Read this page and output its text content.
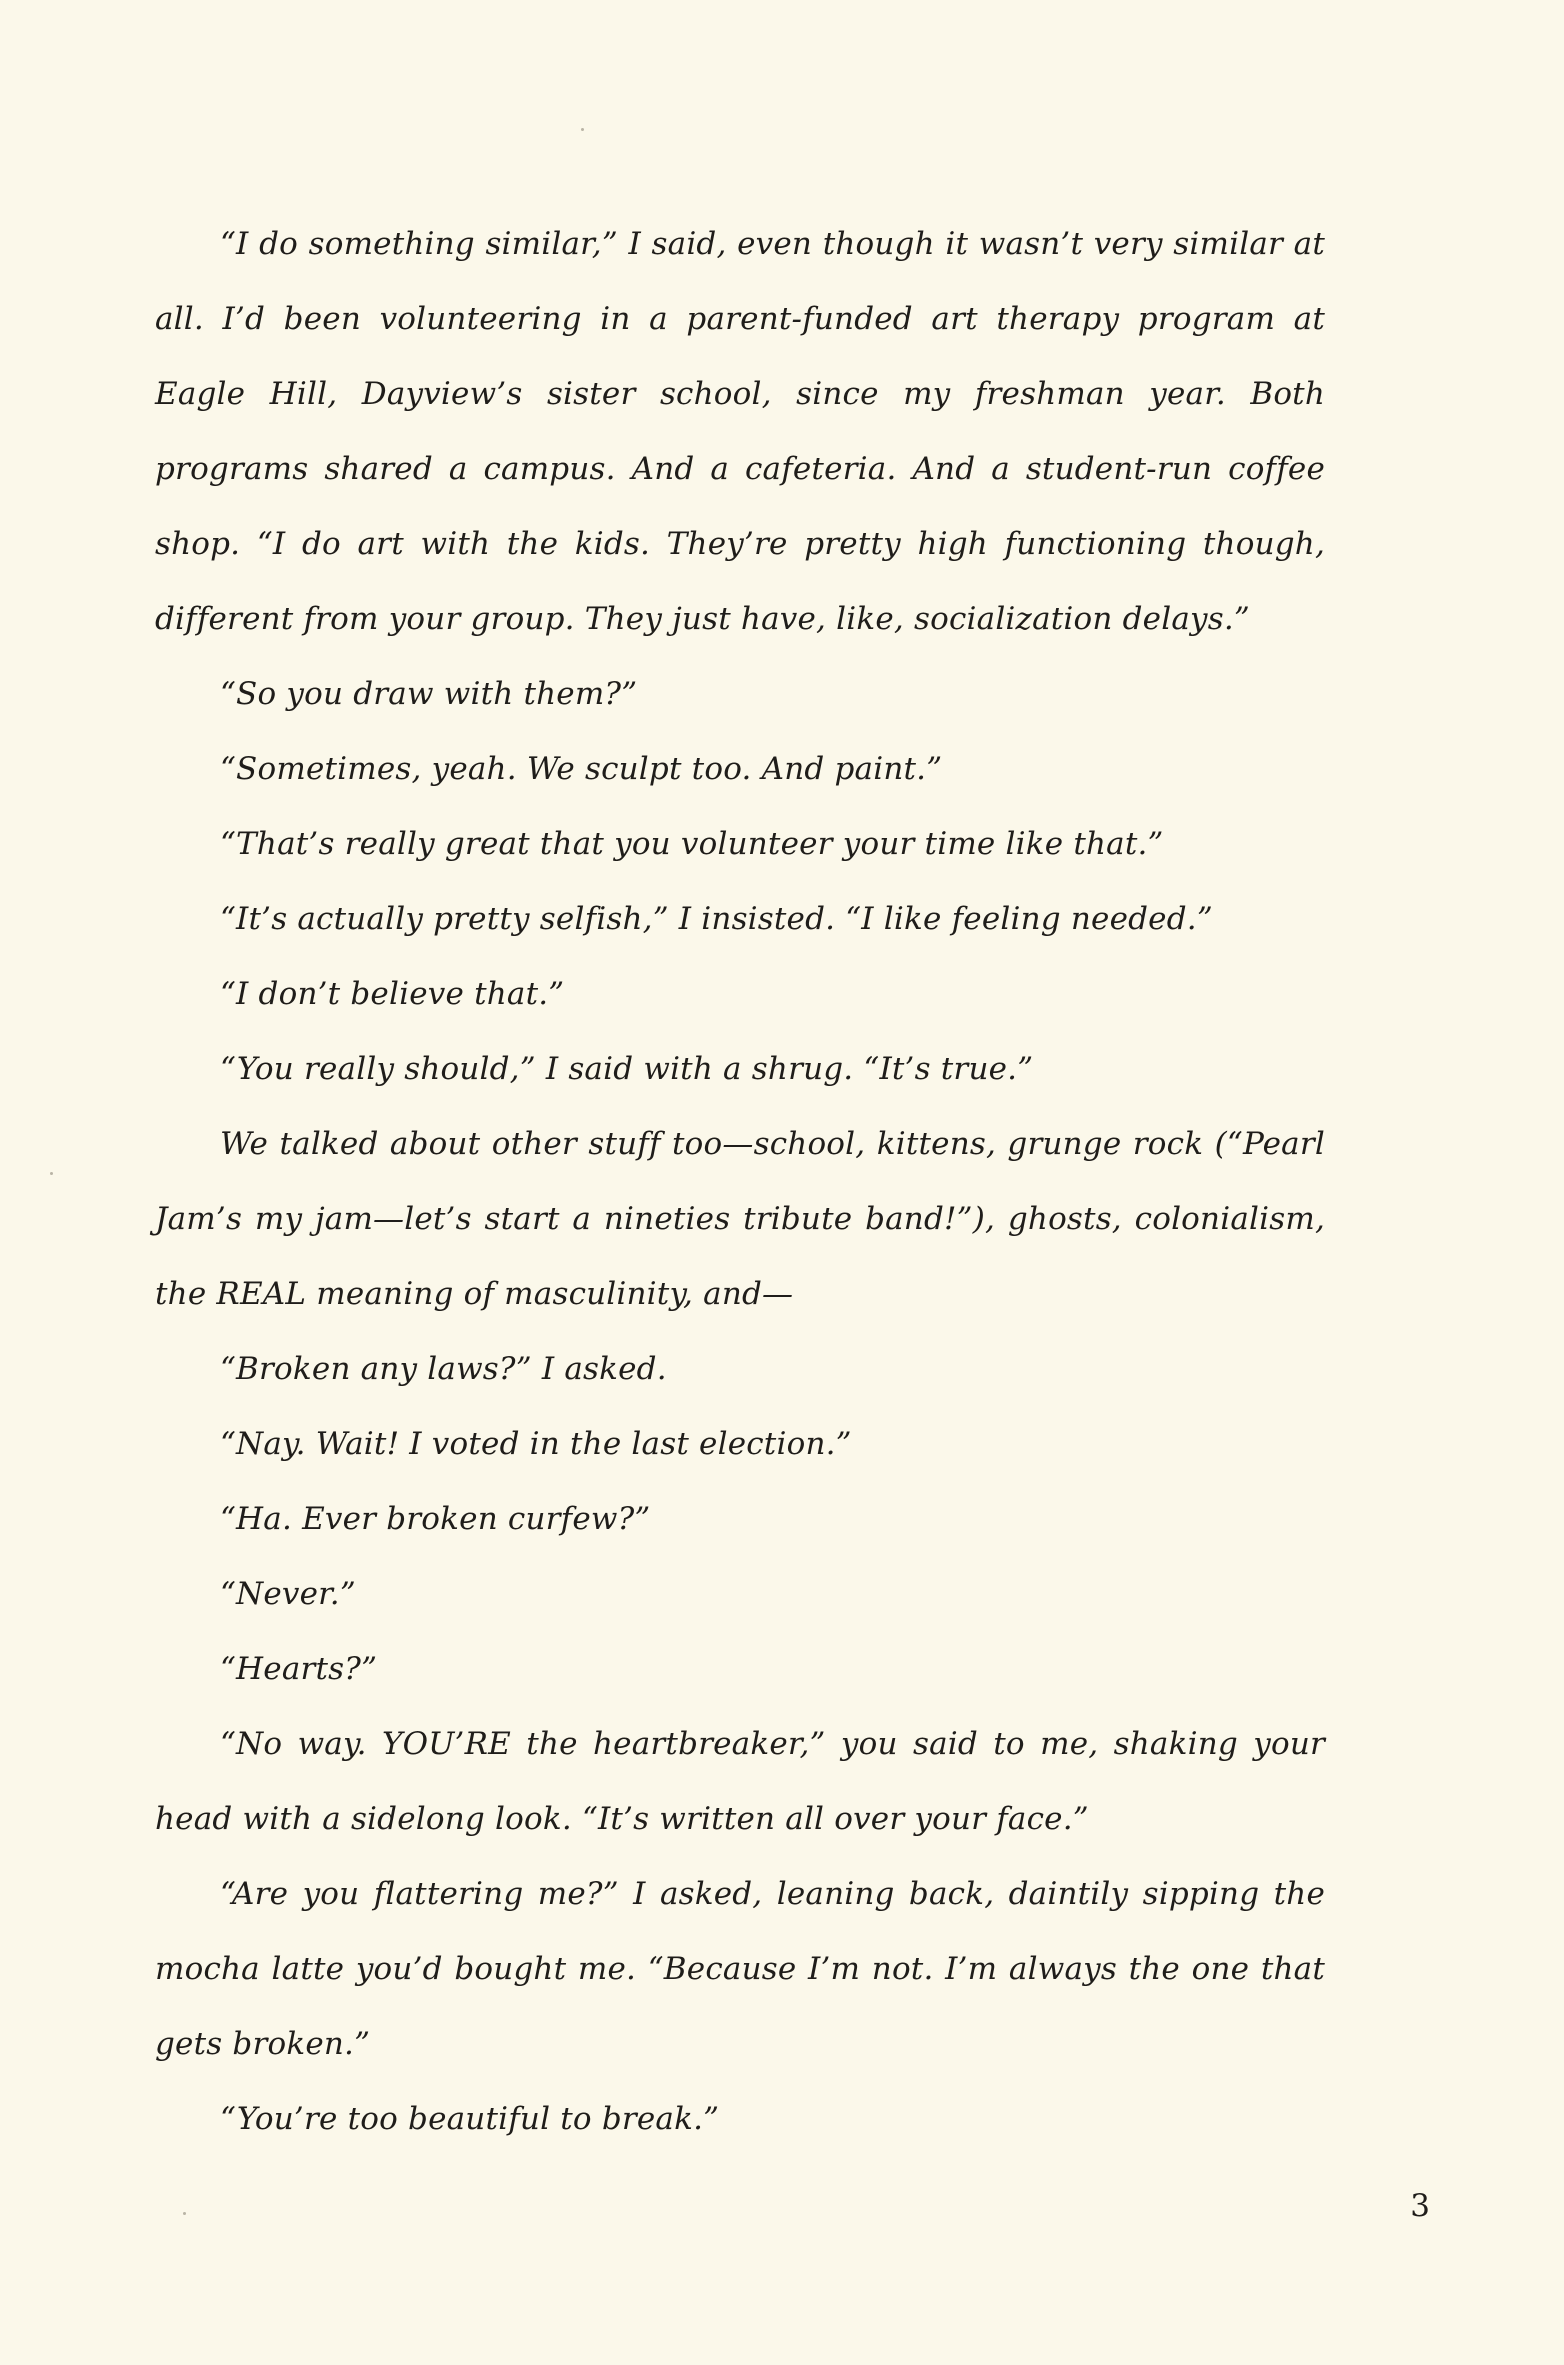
“I do something similar,” I said, even though it wasn’t very similar at all. I’d been volunteering in a parent-funded art therapy program at Eagle Hill, Dayview’s sister school, since my freshman year. Both programs shared a campus. And a cafeteria. And a student-run coffee shop. “I do art with the kids. They’re pretty high functioning though, different from your group. They just have, like, socialization delays.”

“So you draw with them?”

“Sometimes, yeah. We sculpt too. And paint.”

“That’s really great that you volunteer your time like that.”

“It’s actually pretty selfish,” I insisted. “I like feeling needed.”

“I don’t believe that.”

“You really should,” I said with a shrug. “It’s true.”

We talked about other stuff too—school, kittens, grunge rock (“Pearl Jam’s my jam—let’s start a nineties tribute band!”), ghosts, colonialism, the REAL meaning of masculinity, and—

“Broken any laws?” I asked.

“Nay. Wait! I voted in the last election.”

“Ha. Ever broken curfew?”

“Never.”

“Hearts?”

“No way. YOU’RE the heartbreaker,” you said to me, shaking your head with a sidelong look. “It’s written all over your face.”

“Are you flattering me?” I asked, leaning back, daintily sipping the mocha latte you’d bought me. “Because I’m not. I’m always the one that gets broken.”

“You’re too beautiful to break.”

3
